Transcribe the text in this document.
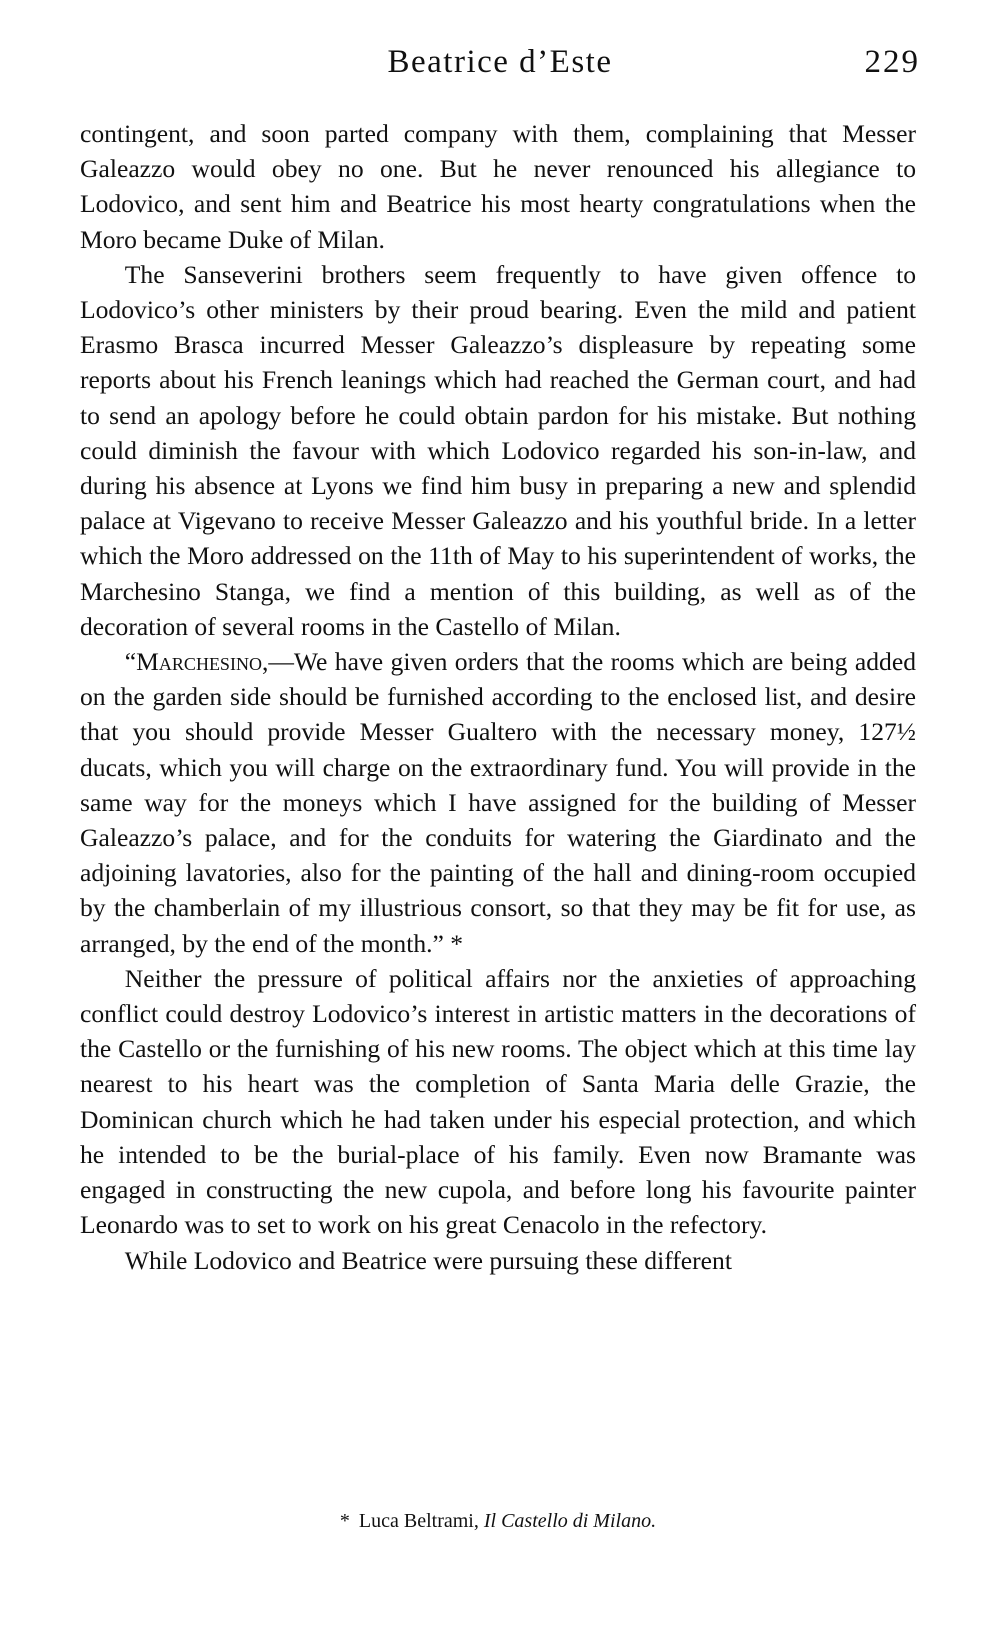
Beatrice d’Este	229

contingent, and soon parted company with them, complaining that Messer Galeazzo would obey no one. But he never renounced his allegiance to Lodovico, and sent him and Beatrice his most hearty congratulations when the Moro became Duke of Milan.

The Sanseverini brothers seem frequently to have given offence to Lodovico’s other ministers by their proud bearing. Even the mild and patient Erasmo Brasca incurred Messer Galeazzo’s displeasure by repeating some reports about his French leanings which had reached the German court, and had to send an apology before he could obtain pardon for his mistake. But nothing could diminish the favour with which Lodovico regarded his son-in-law, and during his absence at Lyons we find him busy in preparing a new and splendid palace at Vigevano to receive Messer Galeazzo and his youthful bride. In a letter which the Moro addressed on the 11th of May to his superintendent of works, the Marchesino Stanga, we find a mention of this building, as well as of the decoration of several rooms in the Castello of Milan.

“Marchesino,—We have given orders that the rooms which are being added on the garden side should be furnished according to the enclosed list, and desire that you should provide Messer Gualtero with the necessary money, 127½ ducats, which you will charge on the extraordinary fund. You will provide in the same way for the moneys which I have assigned for the building of Messer Galeazzo’s palace, and for the conduits for watering the Giardinato and the adjoining lavatories, also for the painting of the hall and dining-room occupied by the chamberlain of my illustrious consort, so that they may be fit for use, as arranged, by the end of the month.” *

Neither the pressure of political affairs nor the anxieties of approaching conflict could destroy Lodovico’s interest in artistic matters in the decorations of the Castello or the furnishing of his new rooms. The object which at this time lay nearest to his heart was the completion of Santa Maria delle Grazie, the Dominican church which he had taken under his especial protection, and which he intended to be the burial-place of his family. Even now Bramante was engaged in constructing the new cupola, and before long his favourite painter Leonardo was to set to work on his great Cenacolo in the refectory.

While Lodovico and Beatrice were pursuing these different

* Luca Beltrami, Il Castello di Milano.
